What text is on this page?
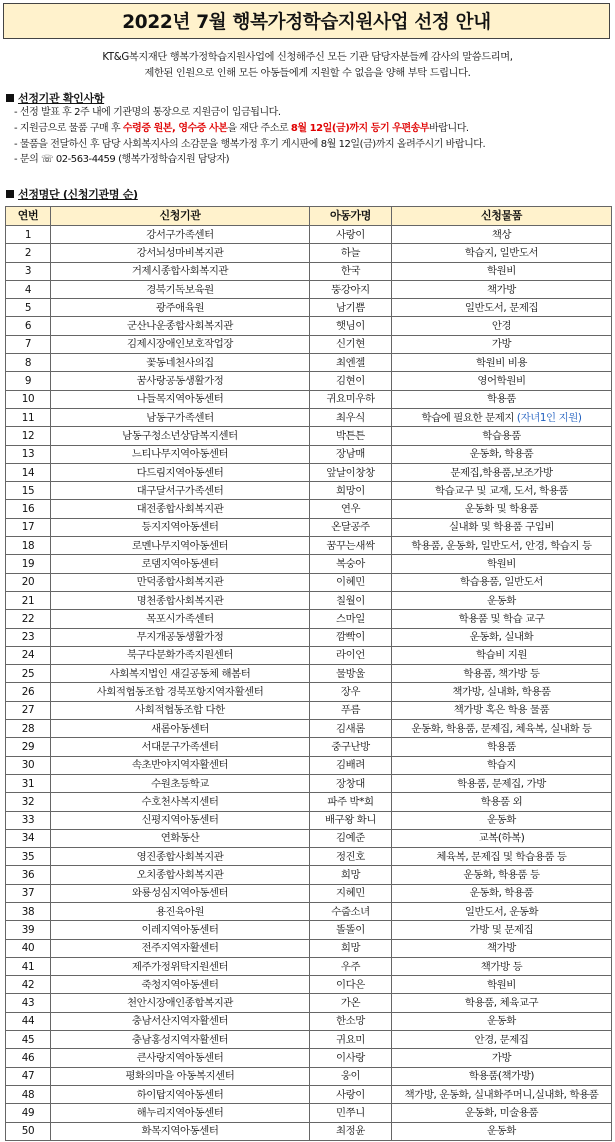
2022년 7월 행복가정학습지원사업 선정 안내
KT&G복지재단 행복가정학습지원사업에 신청해주신 모든 기관 담당자분들께 감사의 말씀드리며,
제한된 인원으로 인해 모든 아동들에게 지원할 수 없음을 양해 부탁 드립니다.
선정기관 확인사항
- 선정 발표 후 2주 내에 기관명의 통장으로 지원금이 입금됩니다.
- 지원금으로 물품 구매 후 수령증 원본, 영수증 사본을 재단 주소로 8월 12일(금)까지 등기 우편송부바랍니다.
- 물품을 전달하신 후 담당 사회복지사의 소감문을 행복가정 후기 게시판에 8월 12일(금)까지 올려주시기 바랍니다.
- 문의 ☏ 02-563-4459 (행복가정학습지원 담당자)
선정명단 (신청기관명 순)
연번	신청기관	아동가명	신청물품
1	강서구가족센터	사랑이	책상
2	강서뇌성마비복지관	하늘	학습지, 일반도서
3	거제시종합사회복지관	한국	학원비
4	경북기독보육원	뚱강아지	책가방
5	광주애육원	남기쁨	일반도서, 문제집
6	군산나운종합사회복지관	햇님이	안경
7	김제시장애인보호작업장	신기현	가방
8	꽃동네천사의집	최엔젤	학원비 비용
9	꿈사랑공동생활가정	김현이	영어학원비
10	나들목지역아동센터	귀요미우하	학용품
11	남동구가족센터	최우식	학습에 필요한 문제지 (자녀1인 지원)
12	남동구청소년상담복지센터	박튼튼	학습용품
13	느티나무지역아동센터	장남매	운동화, 학용품
14	다드림지역아동센터	앞날이창창	문제집,학용품,보조가방
15	대구달서구가족센터	희망이	학습교구 및 교재, 도서, 학용품
16	대전종합사회복지관	연우	운동화 및 학용품
17	등지지역아동센터	온달공주	실내화 및 학용품 구입비
18	로멘나무지역아동센터	꿈꾸는새싹	학용품, 운동화, 일반도서, 안경, 학습지 등
19	로뎀지역아동센터	복숭아	학원비
20	만덕종합사회복지관	이혜민	학습용품, 일반도서
21	명천종합사회복지관	칠월이	운동화
22	목포시가족센터	스마일	학용품 및 학습 교구
23	무지개공동생활가정	깜빡이	운동화, 실내화
24	북구다문화가족지원센터	라이언	학습비 지원
25	사회복지법인 새길공동체 해봄터	물방울	학용품, 책가방 등
26	사회적협동조합 경북포항지역자활센터	장우	책가방, 실내화, 학용품
27	사회적협동조합 다한	푸름	책가방 혹은 학용 물품
28	새롬아동센터	김새롬	운동화, 학용품, 문제집, 체육복, 실내화 등
29	서대문구가족센터	중구난방	학용품
30	속초반야지역자활센터	김배려	학습지
31	수원초등학교	장창대	학용품, 문제집, 가방
32	수호천사복지센터	파주 박*희	학용품 외
33	신평지역아동센터	배구왕 화니	운동화
34	연화동산	김예준	교복(하복)
35	영진종합사회복지관	정진호	체육복, 문제집 및 학습용품 등
36	오치종합사회복지관	희망	운동화, 학용품 등
37	와룡성심지역아동센터	지혜민	운동화, 학용품
38	용진육아원	수줍소녀	일반도서, 운동화
39	이레지역아동센터	똘똘이	가방 및 문제집
40	전주지역자활센터	희망	책가방
41	제주가정위탁지원센터	우주	책가방 등
42	죽청지역아동센터	이다은	학원비
43	천안시장애인종합복지관	가온	학용품, 체육교구
44	충남서산지역자활센터	한소망	운동화
45	충남홍성지역자활센터	귀요미	안경, 문제집
46	큰사랑지역아동센터	이사랑	가방
47	평화의마을 아동복지센터	웅이	학용품(책가방)
48	하이탑지역아동센터	사랑이	책가방, 운동화, 실내화주머니,실내화, 학용품
49	해누리지역아동센터	민쭈니	운동화, 미술용품
50	화목지역아동센터	최정윤	운동화
